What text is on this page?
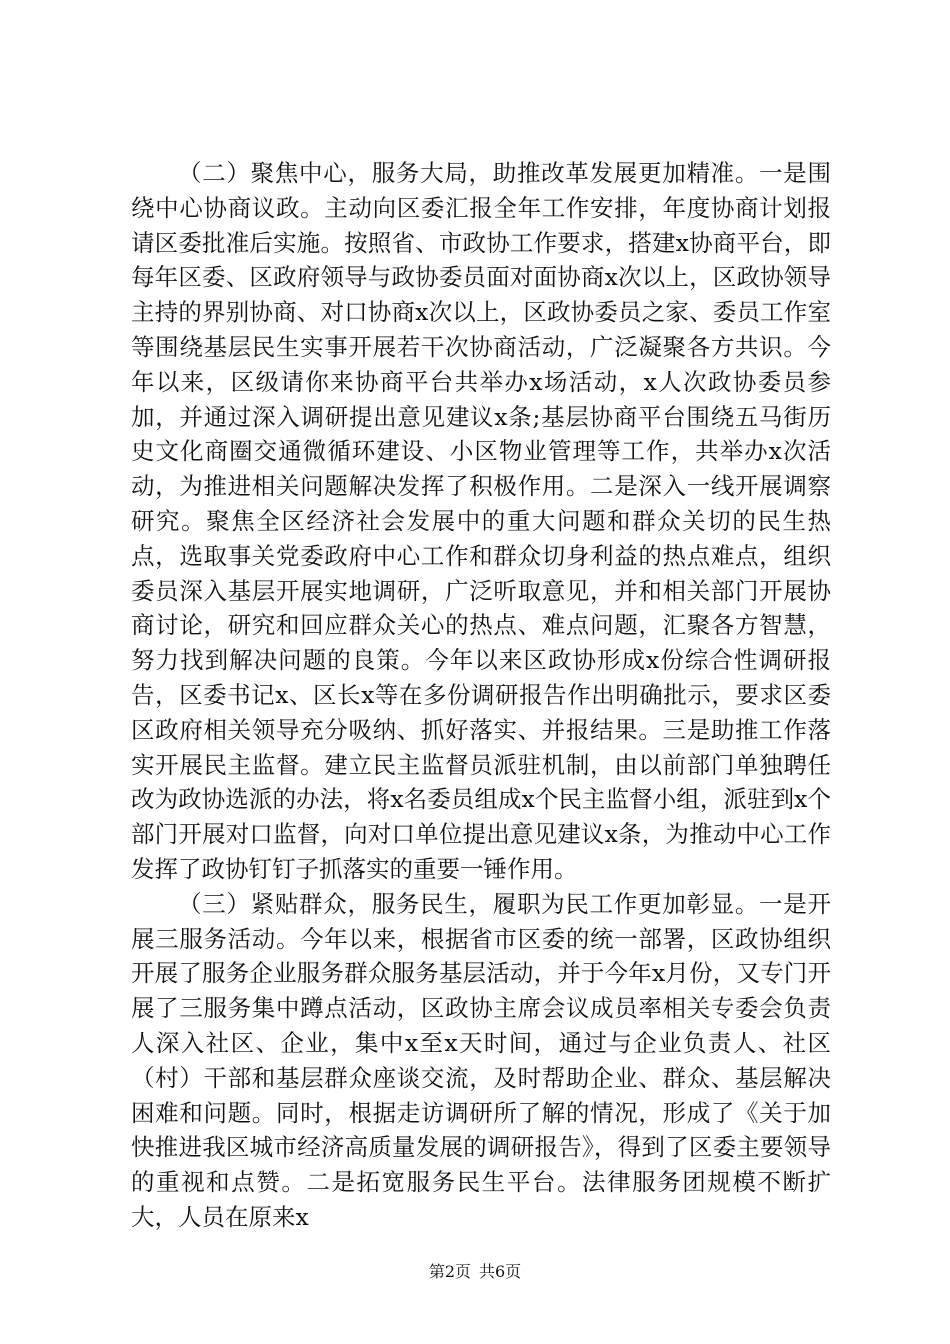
（二）聚焦中心，服务大局，助推改革发展更加精准。一是围绕中心协商议政。主动向区委汇报全年工作安排，年度协商计划报请区委批准后实施。按照省、市政协工作要求，搭建x协商平台，即每年区委、区政府领导与政协委员面对面协商x次以上，区政协领导主持的界别协商、对口协商x次以上，区政协委员之家、委员工作室等围绕基层民生实事开展若干次协商活动，广泛凝聚各方共识。今年以来，区级请你来协商平台共举办x场活动，x人次政协委员参加，并通过深入调研提出意见建议x条;基层协商平台围绕五马街历史文化商圈交通微循环建设、小区物业管理等工作，共举办x次活动，为推进相关问题解决发挥了积极作用。二是深入一线开展调察研究。聚焦全区经济社会发展中的重大问题和群众关切的民生热点，选取事关党委政府中心工作和群众切身利益的热点难点，组织委员深入基层开展实地调研，广泛听取意见，并和相关部门开展协商讨论，研究和回应群众关心的热点、难点问题，汇聚各方智慧，努力找到解决问题的良策。今年以来区政协形成x份综合性调研报告，区委书记x、区长x等在多份调研报告作出明确批示，要求区委区政府相关领导充分吸纳、抓好落实、并报结果。三是助推工作落实开展民主监督。建立民主监督员派驻机制，由以前部门单独聘任改为政协选派的办法，将x名委员组成x个民主监督小组，派驻到x个部门开展对口监督，向对口单位提出意见建议x条，为推动中心工作发挥了政协钉钉子抓落实的重要一锤作用。

（三）紧贴群众，服务民生，履职为民工作更加彰显。一是开展三服务活动。今年以来，根据省市区委的统一部署，区政协组织开展了服务企业服务群众服务基层活动，并于今年x月份，又专门开展了三服务集中蹲点活动，区政协主席会议成员率相关专委会负责人深入社区、企业，集中x至x天时间，通过与企业负责人、社区（村）干部和基层群众座谈交流，及时帮助企业、群众、基层解决困难和问题。同时，根据走访调研所了解的情况，形成了《关于加快推进我区城市经济高质量发展的调研报告》，得到了区委主要领导的重视和点赞。二是拓宽服务民生平台。法律服务团规模不断扩大，人员在原来x

第2页 共6页
